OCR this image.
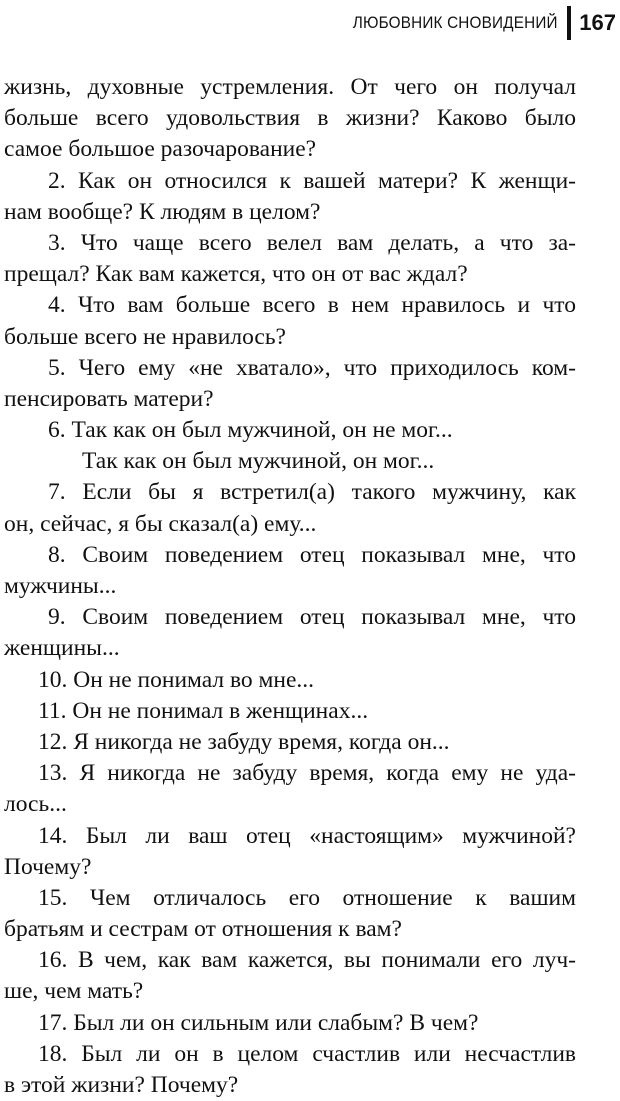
ЛЮБОВНИК СНОВИДЕНИЙ 167
жизнь, духовные устремления. От чего он получал
больше всего удовольствия в жизни? Каково было
самое большое разочарование?
2. Как он относился к вашей матери? К женщи-
нам вообще? К людям в целом?
3. Что чаще всего велел вам делать, а что за-
прещал? Как вам кажется, что он от вас ждал?
4. Что вам больше всего в нем нравилось и что
больше всего не нравилось?
5. Чего ему «не хватало», что приходилось ком-
пенсировать матери?
6. Так как он был мужчиной, он не мог...
Так как он был мужчиной, он мог...
7. Если бы я встретил(а) такого мужчину, как
он, сейчас, я бы сказал(а) ему...
8. Своим поведением отец показывал мне, что
мужчины...
9. Своим поведением отец показывал мне, что
женщины...
10. Он не понимал во мне...
11. Он не понимал в женщинах...
12. Я никогда не забуду время, когда он...
13. Я никогда не забуду время, когда ему не уда-
лось...
14. Был ли ваш отец «настоящим» мужчиной?
Почему?
15. Чем отличалось его отношение к вашим
братьям и сестрам от отношения к вам?
16. В чем, как вам кажется, вы понимали его луч-
ше, чем мать?
17. Был ли он сильным или слабым? В чем?
18. Был ли он в целом счастлив или несчастлив
в этой жизни? Почему?
